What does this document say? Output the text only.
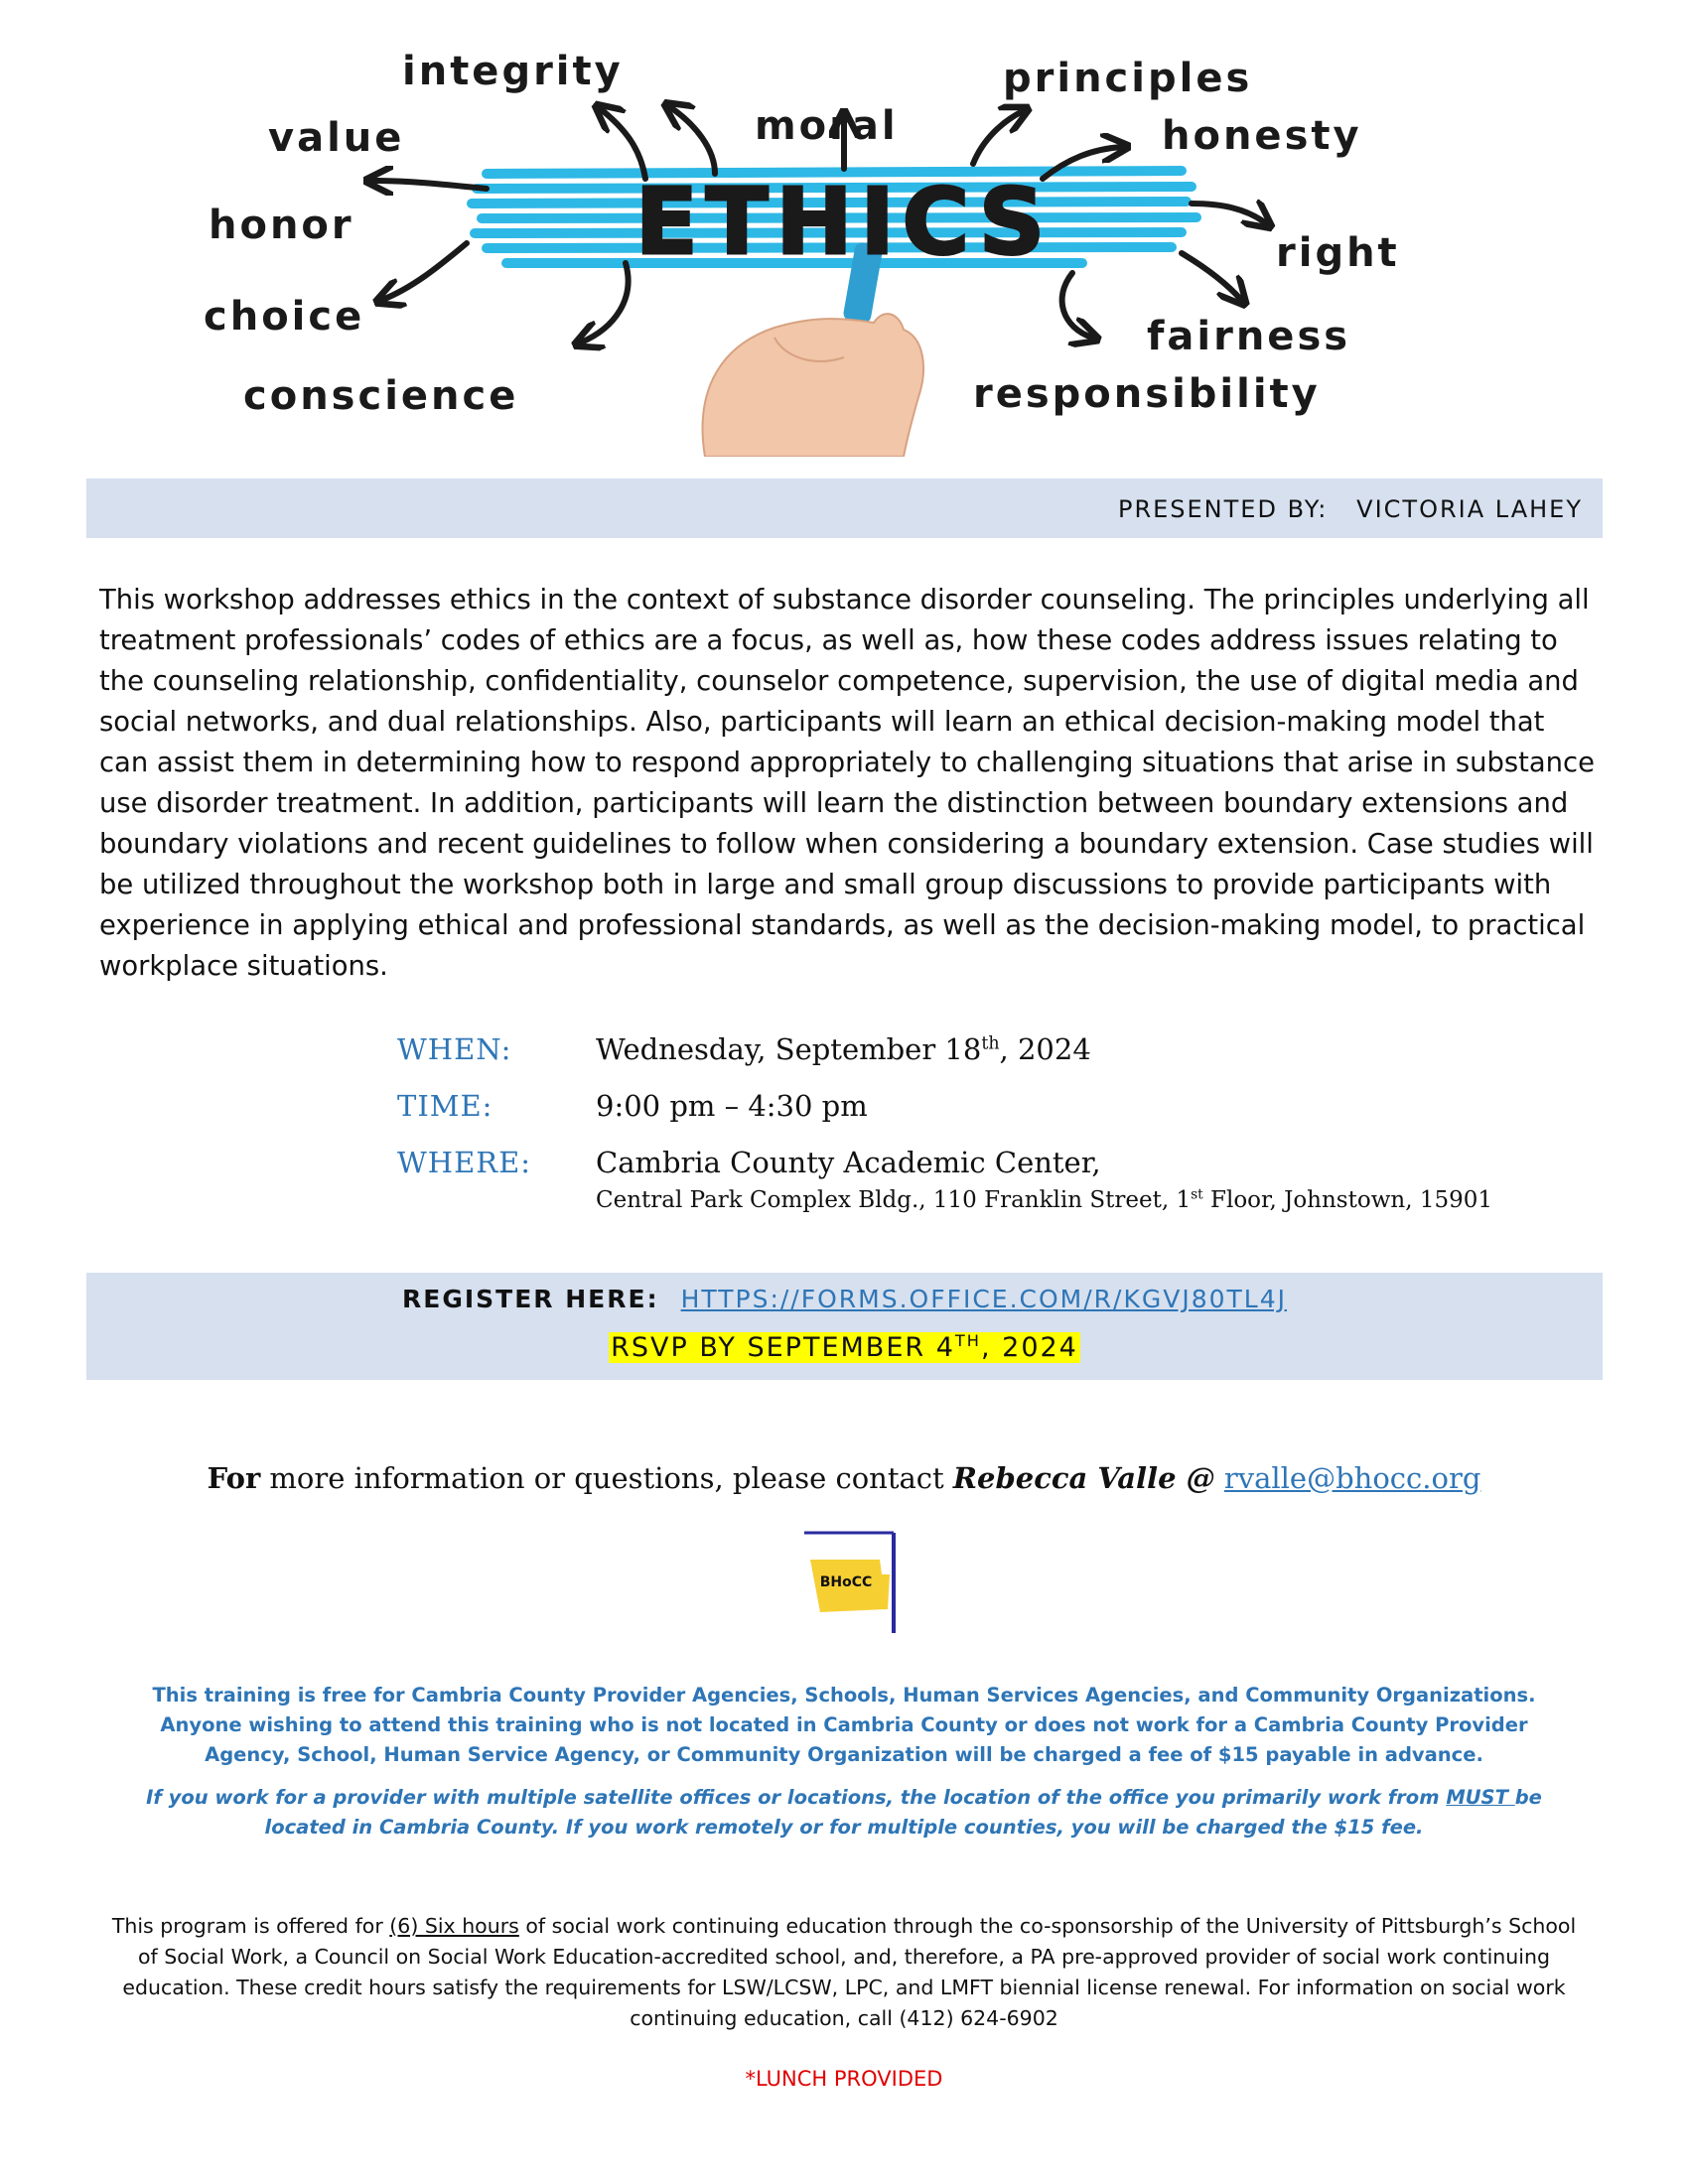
ETHICS
integrity
moral
principles
value	honesty
honor
right
choice	fairness
conscience	responsibility
PRESENTED BY: VICTORIA LAHEY

This workshop addresses ethics in the context of substance disorder counseling. The principles underlying all treatment professionals’ codes of ethics are a focus, as well as, how these codes address issues relating to the counseling relationship, confidentiality, counselor competence, supervision, the use of digital media and social networks, and dual relationships. Also, participants will learn an ethical decision-making model that can assist them in determining how to respond appropriately to challenging situations that arise in substance use disorder treatment. In addition, participants will learn the distinction between boundary extensions and boundary violations and recent guidelines to follow when considering a boundary extension. Case studies will be utilized throughout the workshop both in large and small group discussions to provide participants with experience in applying ethical and professional standards, as well as the decision-making model, to practical workplace situations.

WHEN:	Wednesday, September 18th, 2024
TIME:	9:00 pm – 4:30 pm
WHERE: Cambria County Academic Center,
Central Park Complex Bldg., 110 Franklin Street, 1st Floor, Johnstown, 15901
REGISTER HERE: HTTPS://FORMS.OFFICE.COM/R/KGVJ80TL4J
RSVP BY SEPTEMBER 4TH, 2024
For more information or questions, please contact Rebecca Valle @ rvalle@bhocc.org
BHoCC
This training is free for Cambria County Provider Agencies, Schools, Human Services Agencies, and Community Organizations. Anyone wishing to attend this training who is not located in Cambria County or does not work for a Cambria County Provider Agency, School, Human Service Agency, or Community Organization will be charged a fee of $15 payable in advance.
If you work for a provider with multiple satellite offices or locations, the location of the office you primarily work from MUST be located in Cambria County. If you work remotely or for multiple counties, you will be charged the $15 fee.
This program is offered for (6) Six hours of social work continuing education through the co-sponsorship of the University of Pittsburgh’s School of Social Work, a Council on Social Work Education-accredited school, and, therefore, a PA pre-approved provider of social work continuing education. These credit hours satisfy the requirements for LSW/LCSW, LPC, and LMFT biennial license renewal. For information on social work continuing education, call (412) 624-6902
*LUNCH PROVIDED
